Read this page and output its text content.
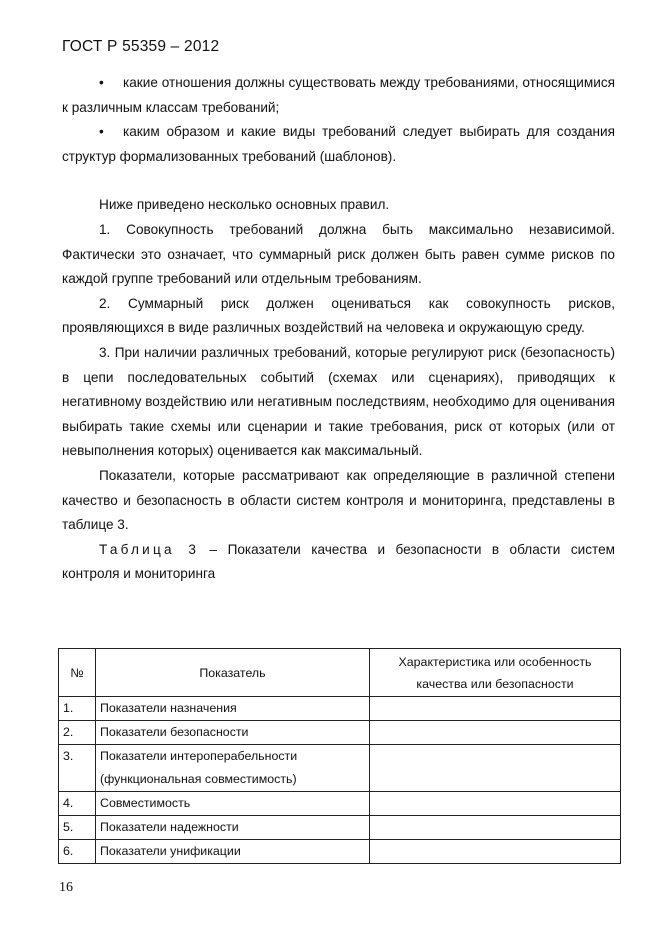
ГОСТ Р 55359 – 2012

• какие отношения должны существовать между требованиями, относящимися к различным классам требований;

• каким образом и какие виды требований следует выбирать для создания структур формализованных требований (шаблонов).

Ниже приведено несколько основных правил.

1. Совокупность требований должна быть максимально независимой. Фактически это означает, что суммарный риск должен быть равен сумме рисков по каждой группе требований или отдельным требованиям.

2. Суммарный риск должен оцениваться как совокупность рисков, проявляющихся в виде различных воздействий на человека и окружающую среду.

3. При наличии различных требований, которые регулируют риск (безопасность) в цепи последовательных событий (схемах или сценариях), приводящих к негативному воздействию или негативным последствиям, необходимо для оценивания выбирать такие схемы или сценарии и такие требования, риск от которых (или от невыполнения которых) оценивается как максимальный.

Показатели, которые рассматривают как определяющие в различной степени качество и безопасность в области систем контроля и мониторинга, представлены в таблице 3.

Таблица 3 – Показатели качества и безопасности в области систем контроля и мониторинга

№	Показатель	Характеристика или особенность
качества или безопасности

1.	Показатели назначения	
2.	Показатели безопасности	
3.	Показатели интероперабельности
(функциональная совместимость)	

4.	Совместимость	
5.	Показатели надежности	
6.	Показатели унификации	
16
